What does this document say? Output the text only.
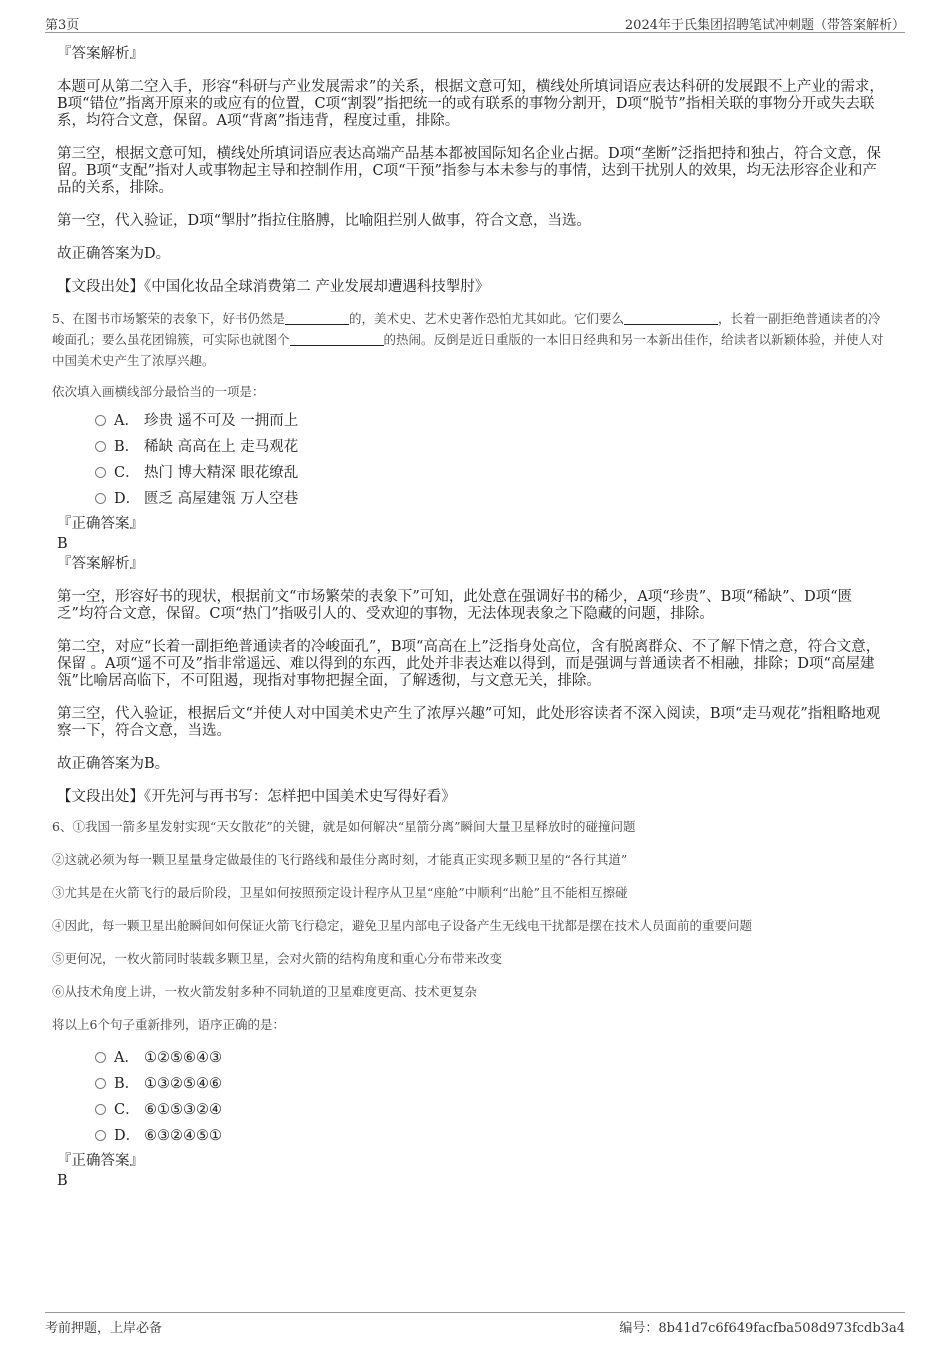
第3页	2024年于氏集团招聘笔试冲刺题（带答案解析）

『答案解析』

本题可从第二空入手，形容“科研与产业发展需求”的关系，根据文意可知，横线处所填词语应表达科研的发展跟不上产业的需求，B项“错位”指离开原来的或应有的位置，C项“割裂”指把统一的或有联系的事物分割开，D项“脱节”指相关联的事物分开或失去联系，均符合文意，保留。A项“背离”指违背，程度过重，排除。

第三空，根据文意可知，横线处所填词语应表达高端产品基本都被国际知名企业占据。D项“垄断”泛指把持和独占，符合文意，保留。B项“支配”指对人或事物起主导和控制作用，C项“干预”指参与本未参与的事情，达到干扰别人的效果，均无法形容企业和产品的关系，排除。

第一空，代入验证，D项“掣肘”指拉住胳膊，比喻阻拦别人做事，符合文意，当选。

故正确答案为D。

【文段出处】《中国化妆品全球消费第二 产业发展却遭遇科技掣肘》

5、在图书市场繁荣的表象下，好书仍然是	的，美术史、艺术史著作恐怕尤其如此。它们要么	，长着一副拒绝普通读者的冷峻面孔；要么虽花团锦簇，可实际也就图个	的热闹。反倒是近日重版的一本旧日经典和另一本新出佳作，给读者以新颖体验，并使人对中国美术史产生了浓厚兴趣。

依次填入画横线部分最恰当的一项是：

A． 珍贵 遥不可及 一拥而上
B． 稀缺 高高在上 走马观花
C． 热门 博大精深 眼花缭乱
D． 匮乏 高屋建瓴 万人空巷

『正确答案』

B

『答案解析』

第一空，形容好书的现状，根据前文“市场繁荣的表象下”可知，此处意在强调好书的稀少，A项“珍贵”、B项“稀缺”、D项“匮乏”均符合文意，保留。C项“热门”指吸引人的、受欢迎的事物，无法体现表象之下隐藏的问题，排除。

第二空，对应“长着一副拒绝普通读者的冷峻面孔”，B项“高高在上”泛指身处高位，含有脱离群众、不了解下情之意，符合文意， 保留 。A项“遥不可及”指非常遥远、难以得到的东西，此处并非表达难以得到，而是强调与普通读者不相融，排除；D项“高屋建瓴”比喻居高临下，不可阻遏，现指对事物把握全面，了解透彻，与文意无关，排除。

第三空，代入验证，根据后文“并使人对中国美术史产生了浓厚兴趣”可知，此处形容读者不深入阅读，B项“走马观花”指粗略地观察一下，符合文意，当选。

故正确答案为B。

【文段出处】《开先河与再书写：怎样把中国美术史写得好看》

6、①我国一箭多星发射实现“天女散花”的关键，就是如何解决“星箭分离”瞬间大量卫星释放时的碰撞问题

②这就必须为每一颗卫星量身定做最佳的飞行路线和最佳分离时刻，才能真正实现多颗卫星的“各行其道”

③尤其是在火箭飞行的最后阶段，卫星如何按照预定设计程序从卫星“座舱”中顺利“出舱”且不能相互擦碰

④因此，每一颗卫星出舱瞬间如何保证火箭飞行稳定，避免卫星内部电子设备产生无线电干扰都是摆在技术人员面前的重要问题

⑤更何况，一枚火箭同时装载多颗卫星，会对火箭的结构角度和重心分布带来改变

⑥从技术角度上讲，一枚火箭发射多种不同轨道的卫星难度更高、技术更复杂

将以上6个句子重新排列，语序正确的是：

A． ①②⑤⑥④③
B． ①③②⑤④⑥
C． ⑥①⑤③②④
D． ⑥③②④⑤①

『正确答案』

B

考前押题，上岸必备	编号：8b41d7c6f649facfba508d973fcdb3a4
